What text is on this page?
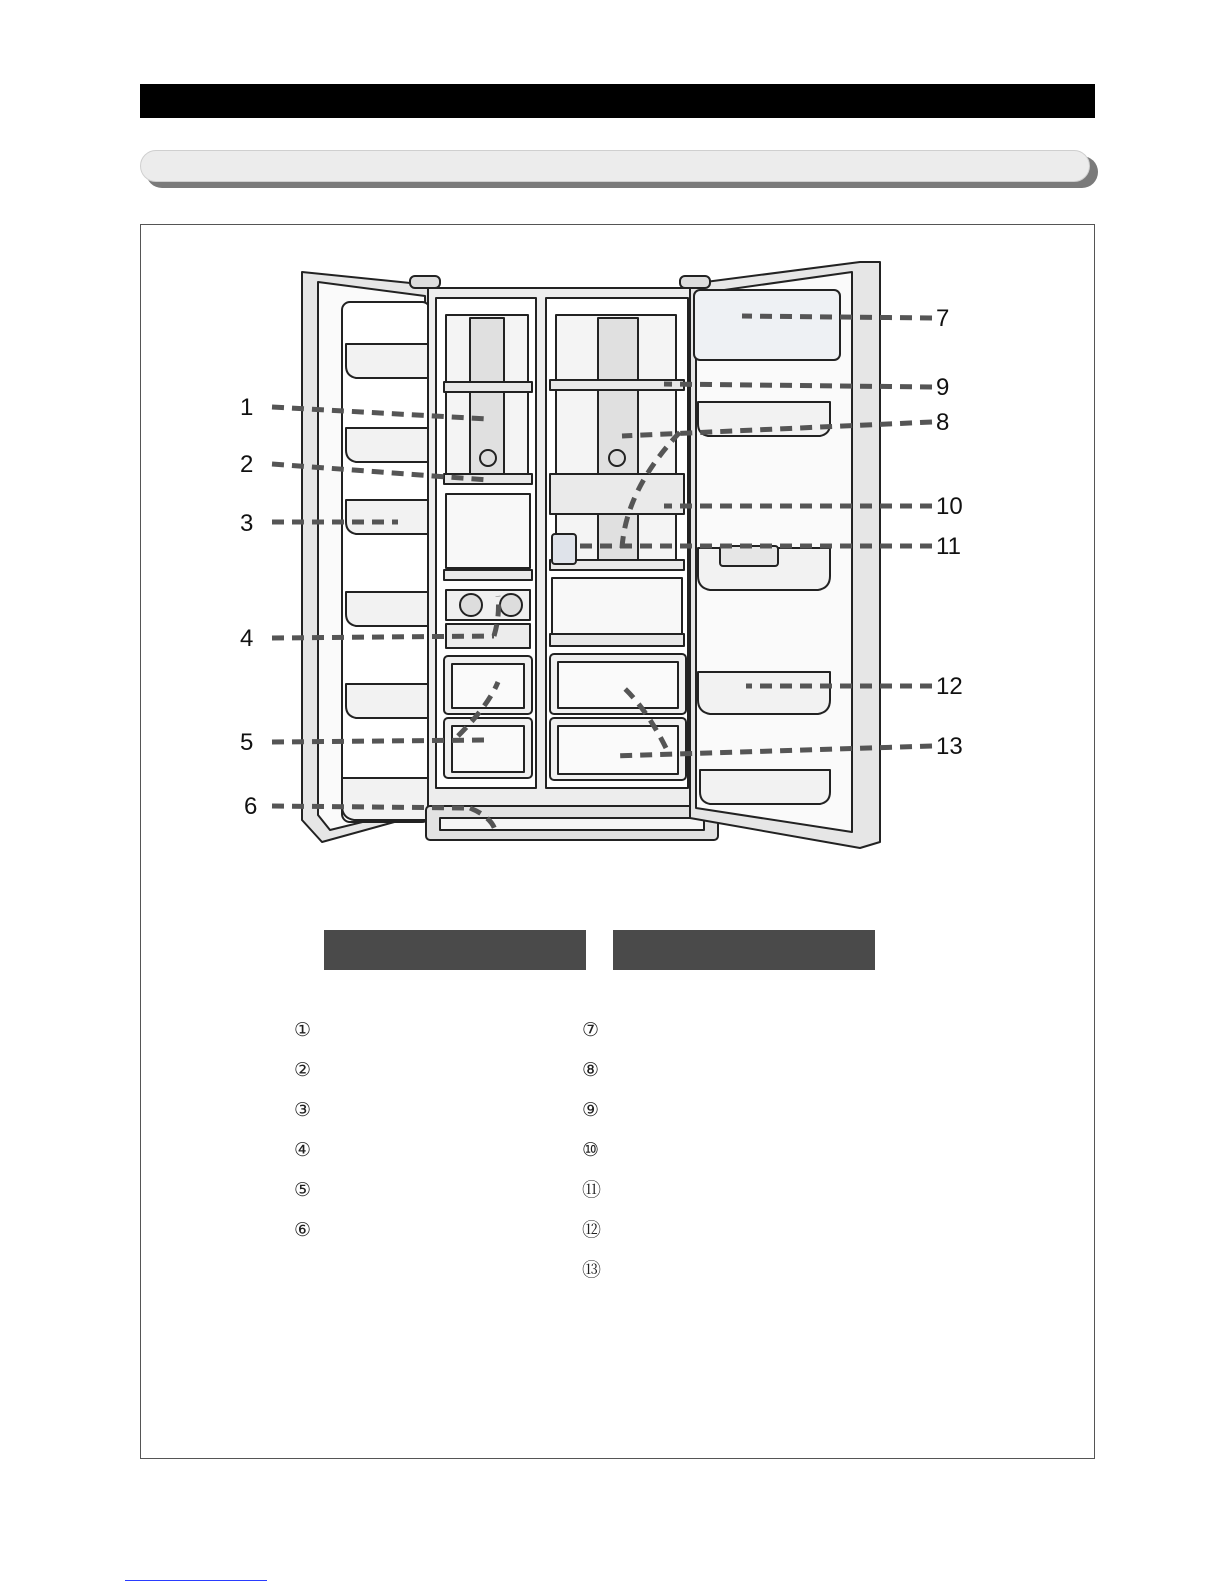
1
2
3
4
5
6
7
8
9
10
11
12
13
①
②
③
④
⑤
⑥
⑦
⑧
⑨
⑩
⑪
⑫
⑬
